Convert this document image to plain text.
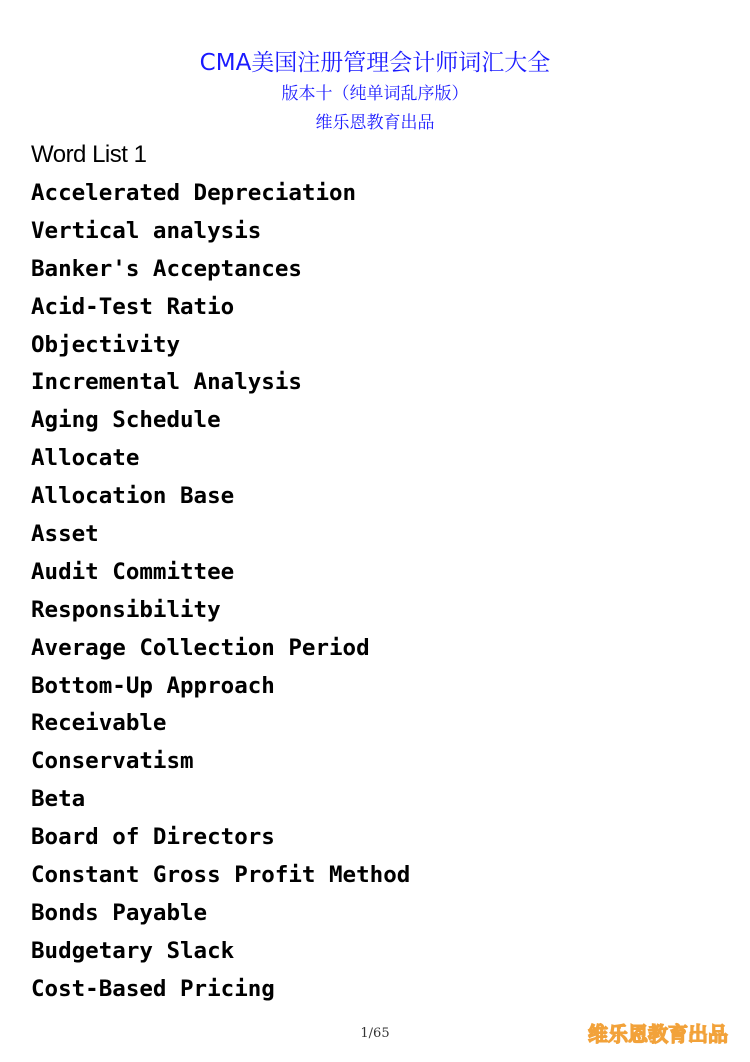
CMA美国注册管理会计师词汇大全
版本十（纯单词乱序版）
维乐恩教育出品
Word List 1
Accelerated Depreciation
Vertical analysis
Banker's Acceptances
Acid-Test Ratio
Objectivity
Incremental Analysis
Aging Schedule
Allocate
Allocation Base
Asset
Audit Committee
Responsibility
Average Collection Period
Bottom-Up Approach
Receivable
Conservatism
Beta
Board of Directors
Constant Gross Profit Method
Bonds Payable
Budgetary Slack
Cost-Based Pricing
1/65	维乐恩教育出品
